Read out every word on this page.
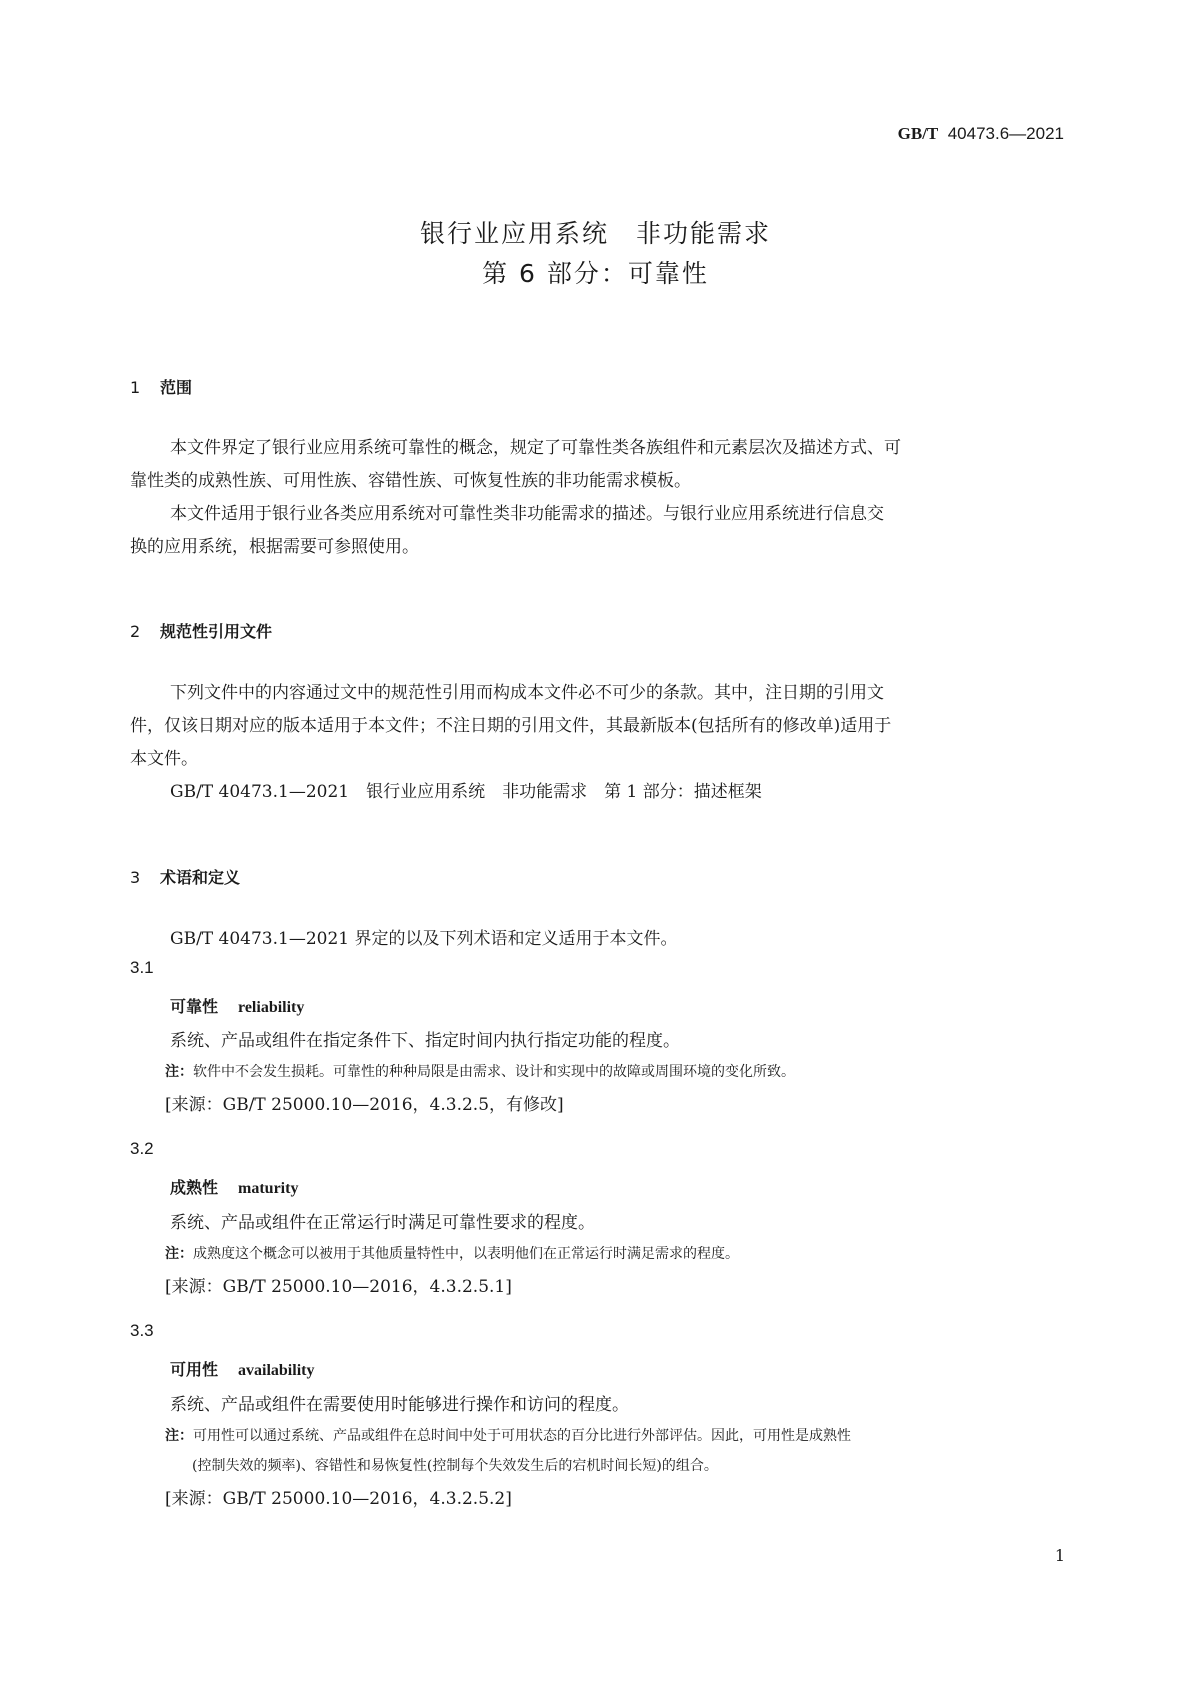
GB/T 40473.6—2021
银行业应用系统　非功能需求
第 6 部分：可靠性
1 范围
本文件界定了银行业应用系统可靠性的概念，规定了可靠性类各族组件和元素层次及描述方式、可
靠性类的成熟性族、可用性族、容错性族、可恢复性族的非功能需求模板。
本文件适用于银行业各类应用系统对可靠性类非功能需求的描述。与银行业应用系统进行信息交
换的应用系统，根据需要可参照使用。
2 规范性引用文件
下列文件中的内容通过文中的规范性引用而构成本文件必不可少的条款。其中，注日期的引用文
件，仅该日期对应的版本适用于本文件；不注日期的引用文件，其最新版本(包括所有的修改单)适用于
本文件。
GB/T 40473.1—2021　银行业应用系统　非功能需求　第 1 部分：描述框架
3 术语和定义
GB/T 40473.1—2021 界定的以及下列术语和定义适用于本文件。
3.1
可靠性 reliability
系统、产品或组件在指定条件下、指定时间内执行指定功能的程度。
注：软件中不会发生损耗。可靠性的种种局限是由需求、设计和实现中的故障或周围环境的变化所致。
[来源：GB/T 25000.10—2016，4.3.2.5，有修改]
3.2
成熟性 maturity
系统、产品或组件在正常运行时满足可靠性要求的程度。
注：成熟度这个概念可以被用于其他质量特性中，以表明他们在正常运行时满足需求的程度。
[来源：GB/T 25000.10—2016，4.3.2.5.1]
3.3
可用性 availability
系统、产品或组件在需要使用时能够进行操作和访问的程度。
注：可用性可以通过系统、产品或组件在总时间中处于可用状态的百分比进行外部评估。因此，可用性是成熟性
(控制失效的频率)、容错性和易恢复性(控制每个失效发生后的宕机时间长短)的组合。
[来源：GB/T 25000.10—2016，4.3.2.5.2]
1
